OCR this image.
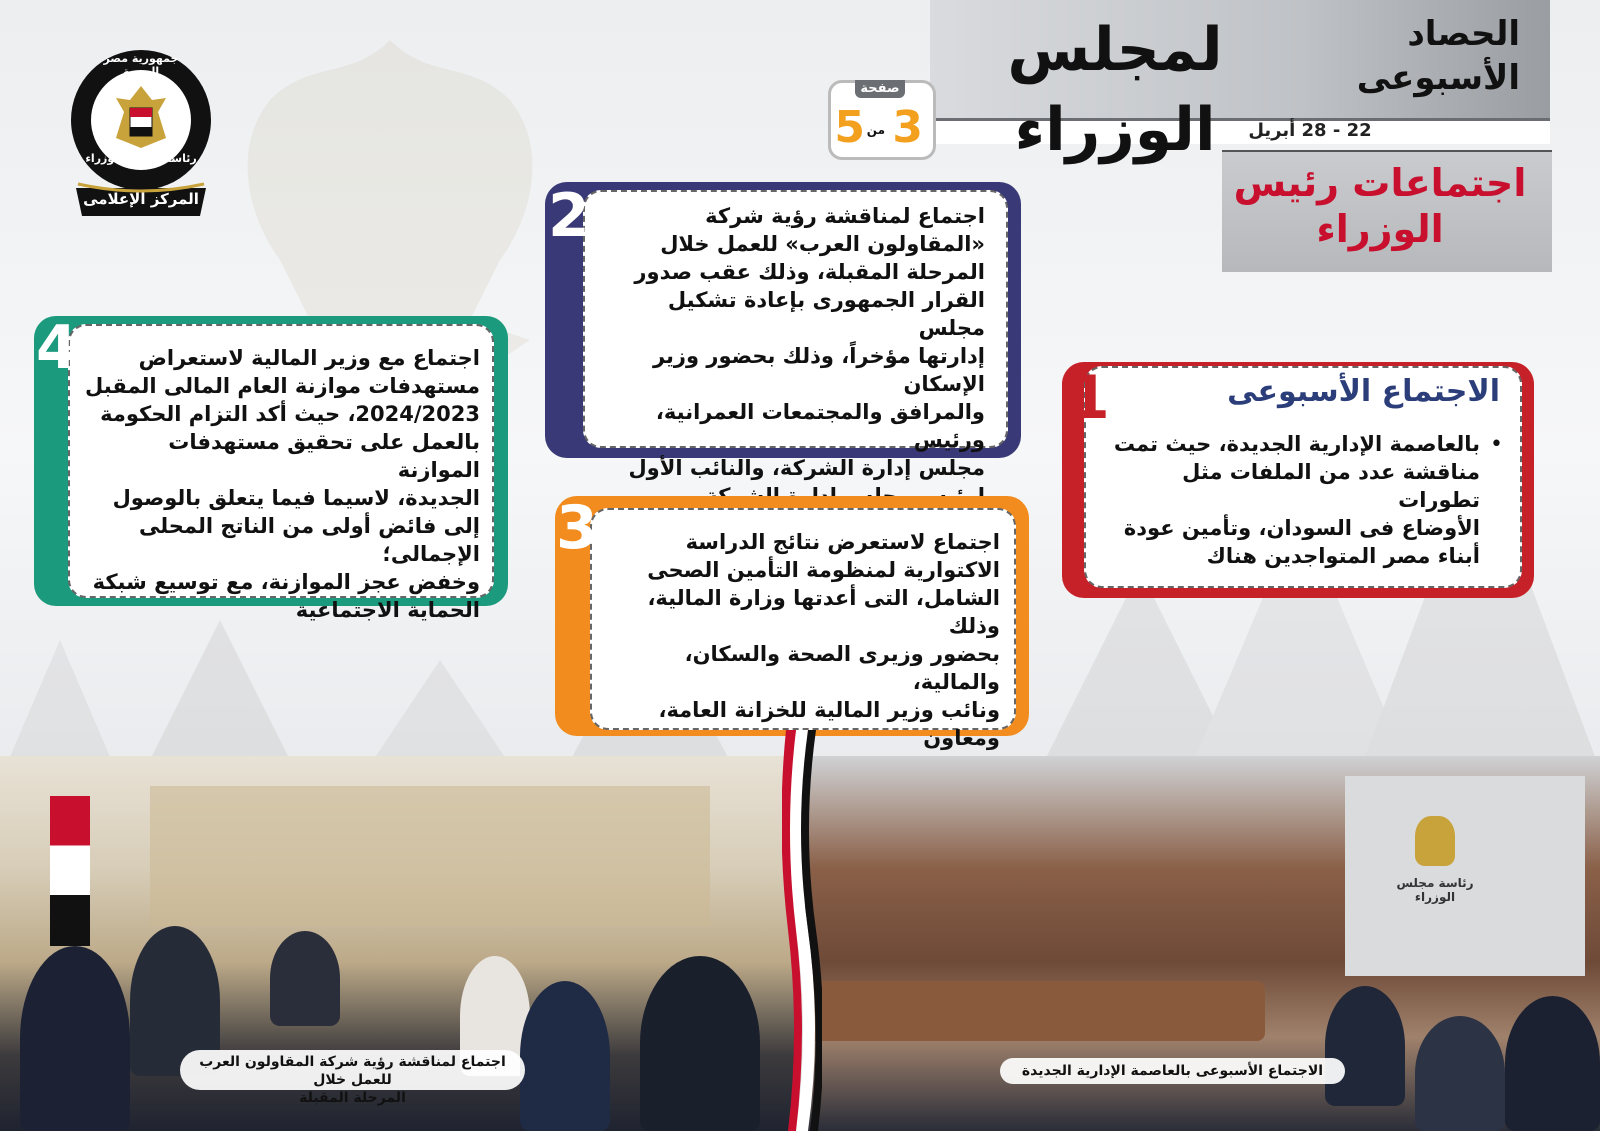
لمجلس الوزراء
الحصاد
الأسبوعى
22 - 28 أبريل
3
من
5
صفحة
جمهورية مصر العربية
رئاسة مجلس الوزراء
المركز الإعلامى	اجتماعات رئيس
الوزراء
1	الاجتماع الأسبوعى
•
بالعاصمة الإدارية الجديدة، حيث تمت
مناقشة عدد من الملفات مثل تطورات
الأوضاع فى السودان، وتأمين عودة
أبناء مصر المتواجدين هناك
2	اجتماع لمناقشة رؤية شركة
«المقاولون العرب» للعمل خلال
المرحلة المقبلة، وذلك عقب صدور
القرار الجمهورى بإعادة تشكيل مجلس
إدارتها مؤخراً، وذلك بحضور وزير الإسكان
والمرافق والمجتمعات العمرانية، ورئيس
مجلس إدارة الشركة، والنائب الأول
3	اجتماع لاستعرض نتائج الدراسة
الاكتوارية لمنظومة التأمين الصحى
الشامل، التى أعدتها وزارة المالية، وذلك
بحضور وزيرى الصحة والسكان، والمالية،
ونائب وزير المالية للخزانة العامة، ومعاون
4	اجتماع مع وزير المالية لاستعراض
مستهدفات موازنة العام المالى المقبل
2024/2023، حيث أكد التزام الحكومة
بالعمل على تحقيق مستهدفات الموازنة
الجديدة، لاسيما فيما يتعلق بالوصول
إلى فائض أولى من الناتج المحلى الإجمالى؛
وخفض عجز الموازنة، مع توسيع شبكة
الحماية الاجتماعية
رئاسة مجلس الوزراء
اجتماع لمناقشة رؤية شركة المقاولون العرب للعمل خلال
المرحلة المقبلة
الاجتماع الأسبوعى بالعاصمة الإدارية الجديدة
